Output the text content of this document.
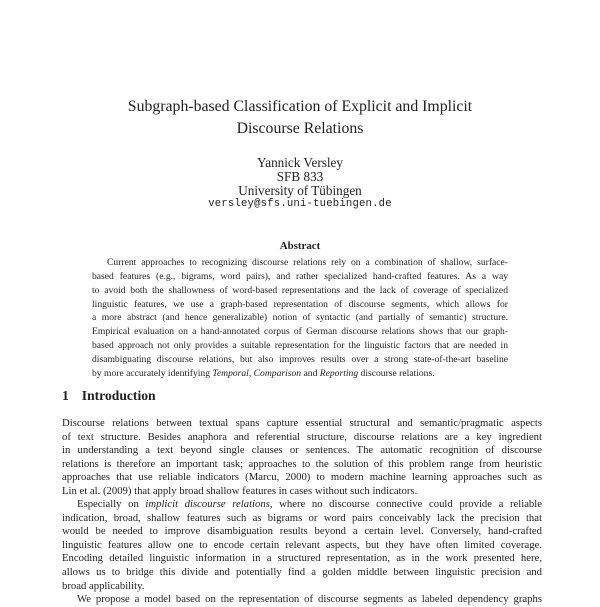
Subgraph-based Classification of Explicit and Implicit
Discourse Relations
Yannick Versley
SFB 833
University of Tübingen
versley@sfs.uni-tuebingen.de
Abstract
Current approaches to recognizing discourse relations rely on a combination of shallow, surface-
based features (e.g., bigrams, word pairs), and rather specialized hand-crafted features. As a way
to avoid both the shallowness of word-based representations and the lack of coverage of specialized
linguistic features, we use a graph-based representation of discourse segments, which allows for
a more abstract (and hence generalizable) notion of syntactic (and partially of semantic) structure.
Empirical evaluation on a hand-annotated corpus of German discourse relations shows that our graph-
based approach not only provides a suitable representation for the linguistic factors that are needed in
disambiguating discourse relations, but also improves results over a strong state-of-the-art baseline
by more accurately identifying Temporal, Comparison and Reporting discourse relations.
1 Introduction

Discourse relations between textual spans capture essential structural and semantic/pragmatic aspects
of text structure. Besides anaphora and referential structure, discourse relations are a key ingredient
in understanding a text beyond single clauses or sentences. The automatic recognition of discourse
relations is therefore an important task; approaches to the solution of this problem range from heuristic
approaches that use reliable indicators (Marcu, 2000) to modern machine learning approaches such as
Lin et al. (2009) that apply broad shallow features in cases without such indicators.

Especially on implicit discourse relations, where no discourse connective could provide a reliable
indication, broad, shallow features such as bigrams or word pairs conceivably lack the precision that
would be needed to improve disambiguation results beyond a certain level. Conversely, hand-crafted
linguistic features allow one to encode certain relevant aspects, but they have often limited coverage.
Encoding detailed linguistic information in a structured representation, as in the work presented here,
allows us to bridge this divide and potentially find a golden middle between linguistic precision and
broad applicability.

We propose a model based on the representation of discourse segments as labeled dependency graphs
